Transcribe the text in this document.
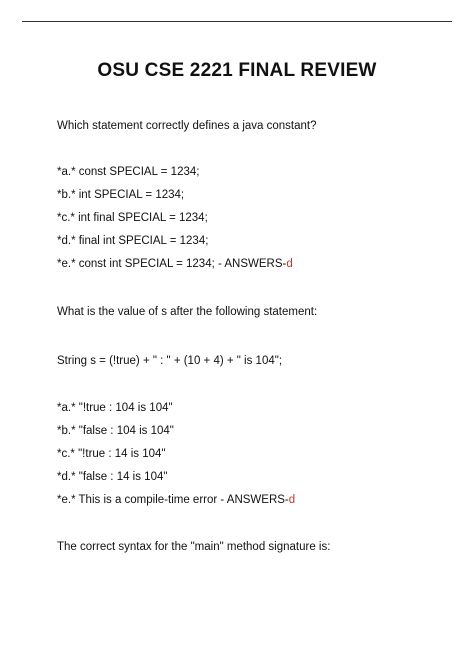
OSU CSE 2221 FINAL REVIEW
Which statement correctly defines a java constant?
*a.* const SPECIAL = 1234;
*b.* int SPECIAL = 1234;
*c.* int final SPECIAL = 1234;
*d.* final int SPECIAL = 1234;
*e.* const int SPECIAL = 1234; - ANSWERS-d
What is the value of s after the following statement:
String s = (!true) + " : " + (10 + 4) + " is 104";
*a.* "!true : 104 is 104"
*b.* "false : 104 is 104"
*c.* "!true : 14 is 104"
*d.* "false : 14 is 104"
*e.* This is a compile-time error - ANSWERS-d
The correct syntax for the "main" method signature is:
